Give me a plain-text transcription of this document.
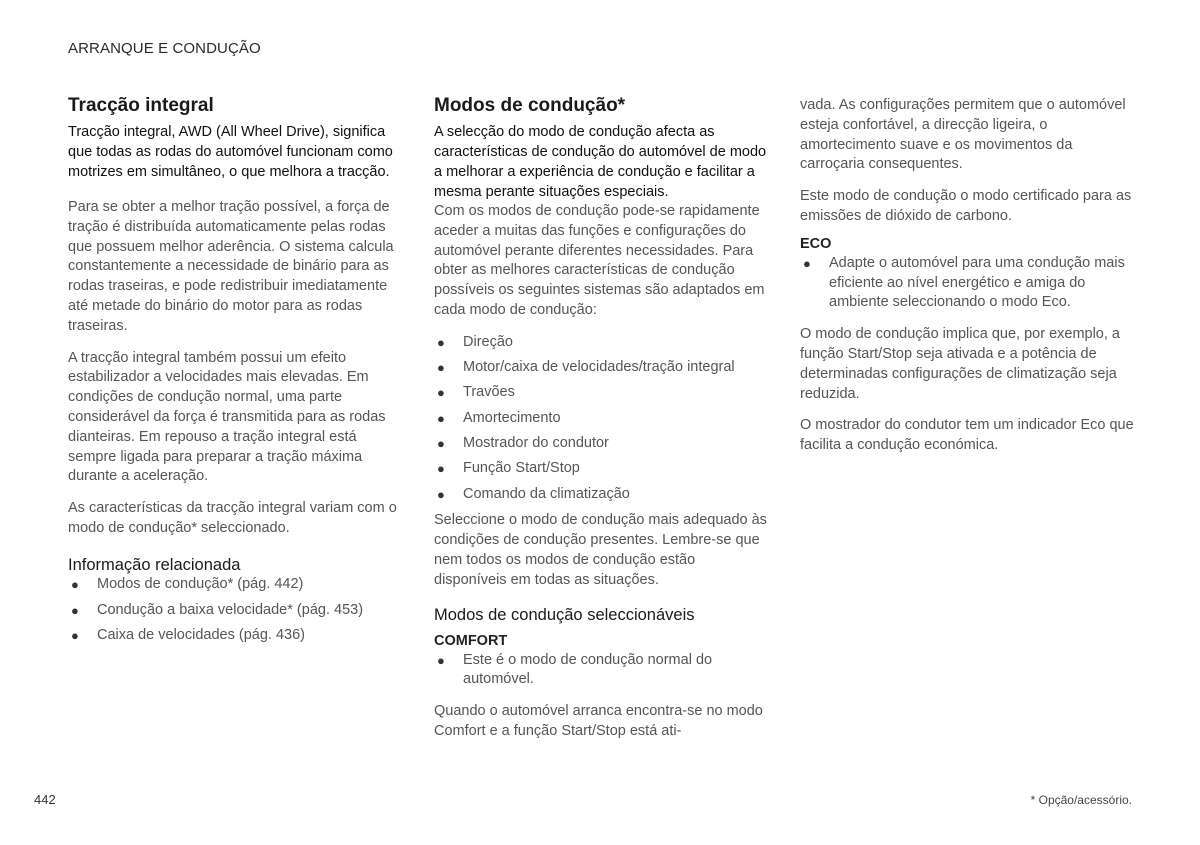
ARRANQUE E CONDUÇÃO
Tracção integral

Tracção integral, AWD (All Wheel Drive), significa que todas as rodas do automóvel funcionam como motrizes em simultâneo, o que melhora a tracção.

Para se obter a melhor tração possível, a força de tração é distribuída automaticamente pelas rodas que possuem melhor aderência. O sistema calcula constantemente a necessidade de binário para as rodas traseiras, e pode redistribuir imediatamente até metade do binário do motor para as rodas traseiras.

A tracção integral também possui um efeito estabilizador a velocidades mais elevadas. Em condições de condução normal, uma parte considerável da força é transmitida para as rodas dianteiras. Em repouso a tração integral está sempre ligada para preparar a tração máxima durante a aceleração.

As características da tracção integral variam com o modo de condução* seleccionado.

Informação relacionada
● Modos de condução* (pág. 442)
● Condução a baixa velocidade* (pág. 453)
● Caixa de velocidades (pág. 436)
Modos de condução*

A selecção do modo de condução afecta as características de condução do automóvel de modo a melhorar a experiência de condução e facilitar a mesma perante situações especiais.

Com os modos de condução pode-se rapidamente aceder a muitas das funções e configurações do automóvel perante diferentes necessidades. Para obter as melhores características de condução possíveis os seguintes sistemas são adaptados em cada modo de condução:

● Direção
● Motor/caixa de velocidades/tração integral
● Travões
● Amortecimento
● Mostrador do condutor
● Função Start/Stop
● Comando da climatização

Seleccione o modo de condução mais adequado às condições de condução presentes. Lembre-se que nem todos os modos de condução estão disponíveis em todas as situações.

Modos de condução seleccionáveis
COMFORT
● Este é o modo de condução normal do automóvel.

Quando o automóvel arranca encontra-se no modo Comfort e a função Start/Stop está ati-

vada. As configurações permitem que o automóvel esteja confortável, a direcção ligeira, o amortecimento suave e os movimentos da carroçaria consequentes.

Este modo de condução o modo certificado para as emissões de dióxido de carbono.

ECO
● Adapte o automóvel para uma condução mais eficiente ao nível energético e amiga do ambiente seleccionando o modo Eco.

O modo de condução implica que, por exemplo, a função Start/Stop seja ativada e a potência de determinadas configurações de climatização seja reduzida.

O mostrador do condutor tem um indicador Eco que facilita a condução económica.

442	* Opção/acessório.
